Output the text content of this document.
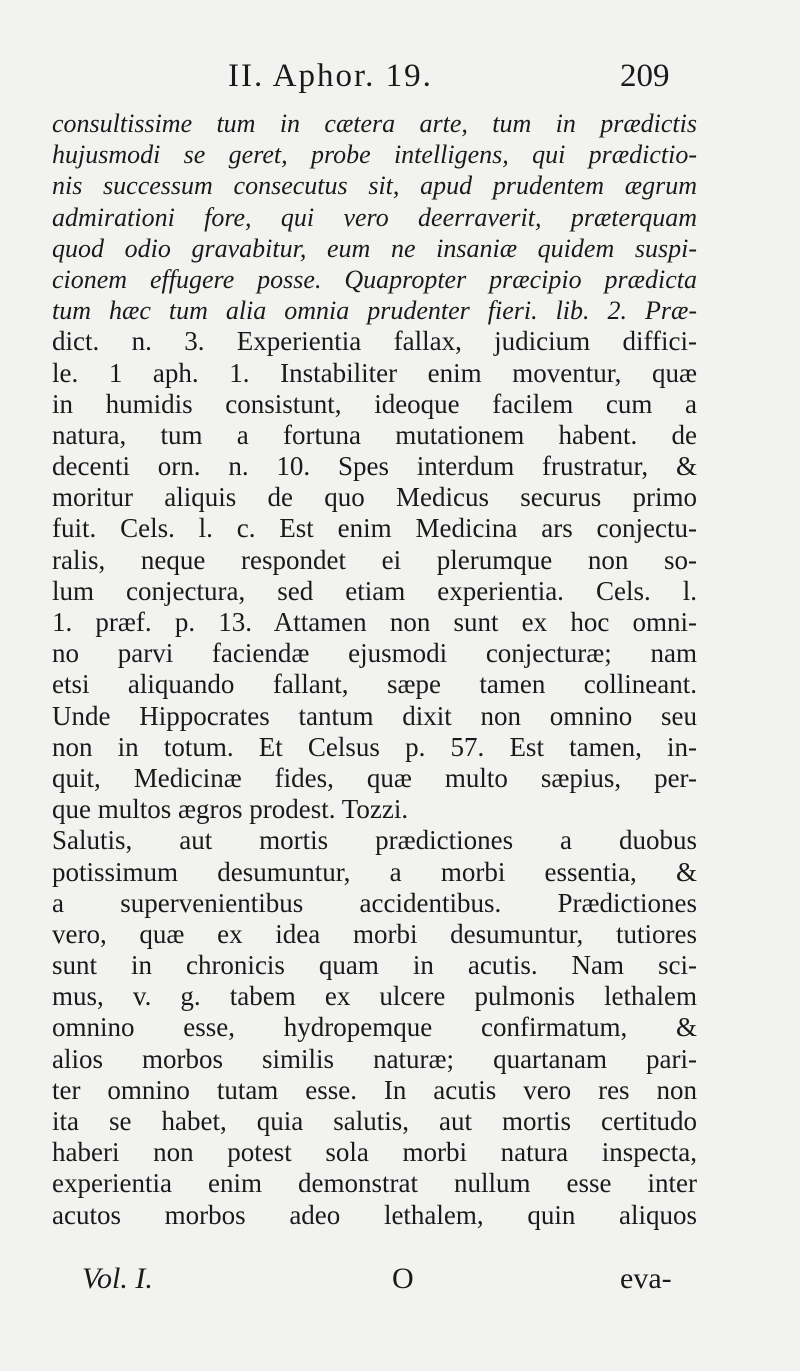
II. Aphor. 19.	209
consultissime tum in cætera arte, tum in prædictis
hujusmodi se geret, probe intelligens, qui prædictio-
nis successum consecutus sit, apud prudentem ægrum
admirationi fore, qui vero deerraverit, præterquam
quod odio gravabitur, eum ne insaniæ quidem suspi-
cionem effugere posse. Quapropter præcipio prædicta
tum hæc tum alia omnia prudenter fieri. lib. 2. Præ-
dict. n. 3. Experientia fallax, judicium diffici-
le. 1 aph. 1. Instabiliter enim moventur, quæ
in humidis consistunt, ideoque facilem cum a
natura, tum a fortuna mutationem habent. de
decenti orn. n. 10. Spes interdum frustratur, &
moritur aliquis de quo Medicus securus primo
fuit. Cels. l. c. Est enim Medicina ars conjectu-
ralis, neque respondet ei plerumque non so-
lum conjectura, sed etiam experientia. Cels. l.
1. præf. p. 13. Attamen non sunt ex hoc omni-
no parvi faciendæ ejusmodi conjecturæ; nam
etsi aliquando fallant, sæpe tamen collineant.
Unde Hippocrates tantum dixit non omnino seu
non in totum. Et Celsus p. 57. Est tamen, in-
quit, Medicinæ fides, quæ multo sæpius, per-
que multos ægros prodest. Tozzi.
Salutis, aut mortis prædictiones a duobus
potissimum desumuntur, a morbi essentia, &
a supervenientibus accidentibus. Prædictiones
vero, quæ ex idea morbi desumuntur, tutiores
sunt in chronicis quam in acutis. Nam sci-
mus, v. g. tabem ex ulcere pulmonis lethalem
omnino esse, hydropemque confirmatum, &
alios morbos similis naturæ; quartanam pari-
ter omnino tutam esse. In acutis vero res non
ita se habet, quia salutis, aut mortis certitudo
haberi non potest sola morbi natura inspecta,
experientia enim demonstrat nullum esse inter
acutos morbos adeo lethalem, quin aliquos
Vol. I.	O	eva-
